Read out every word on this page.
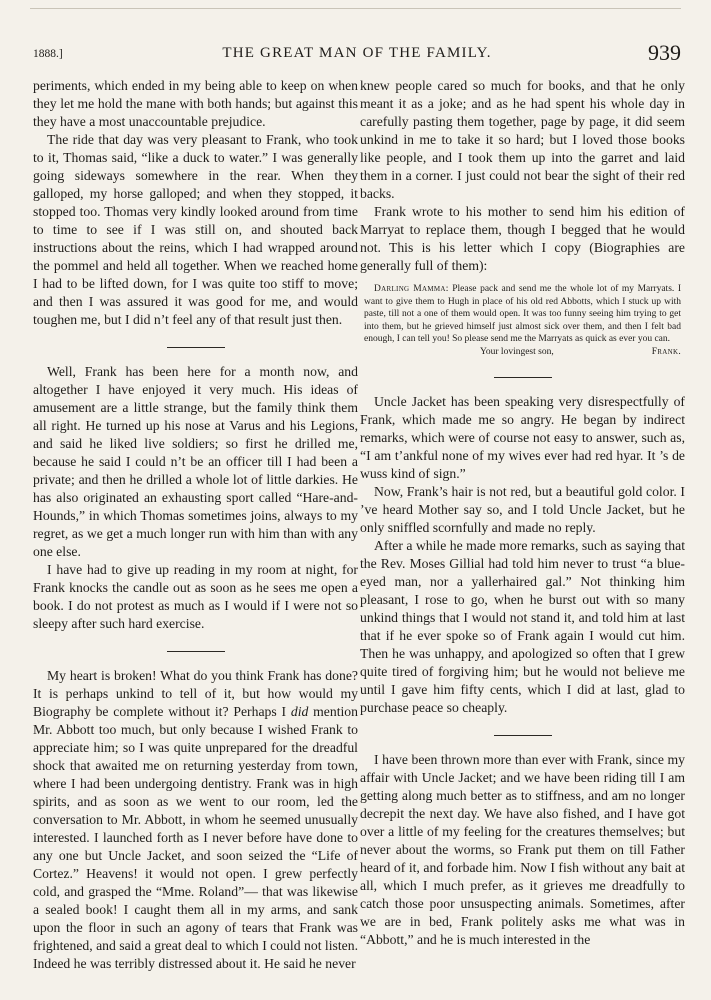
1888.]	THE GREAT MAN OF THE FAMILY.	939

periments, which ended in my being able to keep on when they let me hold the mane with both hands; but against this they have a most unaccountable prejudice.

The ride that day was very pleasant to Frank, who took to it, Thomas said, “like a duck to water.” I was generally going sideways somewhere in the rear. When they galloped, my horse galloped; and when they stopped, it stopped too. Thomas very kindly looked around from time to time to see if I was still on, and shouted back instructions about the reins, which I had wrapped around the pommel and held all together. When we reached home I had to be lifted down, for I was quite too stiff to move; and then I was assured it was good for me, and would toughen me, but I did n’t feel any of that result just then.

Well, Frank has been here for a month now, and altogether I have enjoyed it very much. His ideas of amusement are a little strange, but the family think them all right. He turned up his nose at Varus and his Legions, and said he liked live soldiers; so first he drilled me, because he said I could n’t be an officer till I had been a private; and then he drilled a whole lot of little darkies. He has also originated an exhausting sport called “Hare-and-Hounds,” in which Thomas sometimes joins, always to my regret, as we get a much longer run with him than with any one else.

I have had to give up reading in my room at night, for Frank knocks the candle out as soon as he sees me open a book. I do not protest as much as I would if I were not so sleepy after such hard exercise.

My heart is broken! What do you think Frank has done? It is perhaps unkind to tell of it, but how would my Biography be complete without it? Perhaps I did mention Mr. Abbott too much, but only because I wished Frank to appreciate him; so I was quite unprepared for the dreadful shock that awaited me on returning yesterday from town, where I had been undergoing dentistry. Frank was in high spirits, and as soon as we went to our room, led the conversation to Mr. Abbott, in whom he seemed unusually interested. I launched forth as I never before have done to any one but Uncle Jacket, and soon seized the “Life of Cortez.” Heavens! it would not open. I grew perfectly cold, and grasped the “Mme. Roland”— that was likewise a sealed book! I caught them all in my arms, and sank upon the floor in such an agony of tears that Frank was frightened, and said a great deal to which I could not listen. Indeed he was terribly distressed about it. He said he never

knew people cared so much for books, and that he only meant it as a joke; and as he had spent his whole day in carefully pasting them together, page by page, it did seem unkind in me to take it so hard; but I loved those books like people, and I took them up into the garret and laid them in a corner. I just could not bear the sight of their red backs.

Frank wrote to his mother to send him his edition of Marryat to replace them, though I begged that he would not. This is his letter which I copy (Biographies are generally full of them):

Darling Mamma: Please pack and send me the whole lot of my Marryats. I want to give them to Hugh in place of his old red Abbotts, which I stuck up with paste, till not a one of them would open. It was too funny seeing him trying to get into them, but he grieved himself just almost sick over them, and then I felt bad enough, I can tell you! So please send me the Marryats as quick as ever you can.
Your lovingest son,	Frank.

Uncle Jacket has been speaking very disrespectfully of Frank, which made me so angry. He began by indirect remarks, which were of course not easy to answer, such as, “I am t’ankful none of my wives ever had red hyar. It ’s de wuss kind of sign.”

Now, Frank’s hair is not red, but a beautiful gold color. I ’ve heard Mother say so, and I told Uncle Jacket, but he only sniffled scornfully and made no reply.

After a while he made more remarks, such as saying that the Rev. Moses Gillial had told him never to trust “a blue-eyed man, nor a yallerhaired gal.” Not thinking him pleasant, I rose to go, when he burst out with so many unkind things that I would not stand it, and told him at last that if he ever spoke so of Frank again I would cut him. Then he was unhappy, and apologized so often that I grew quite tired of forgiving him; but he would not believe me until I gave him fifty cents, which I did at last, glad to purchase peace so cheaply.

I have been thrown more than ever with Frank, since my affair with Uncle Jacket; and we have been riding till I am getting along much better as to stiffness, and am no longer decrepit the next day. We have also fished, and I have got over a little of my feeling for the creatures themselves; but never about the worms, so Frank put them on till Father heard of it, and forbade him. Now I fish without any bait at all, which I much prefer, as it grieves me dreadfully to catch those poor unsuspecting animals. Sometimes, after we are in bed, Frank politely asks me what was in “Abbott,” and he is much interested in the
